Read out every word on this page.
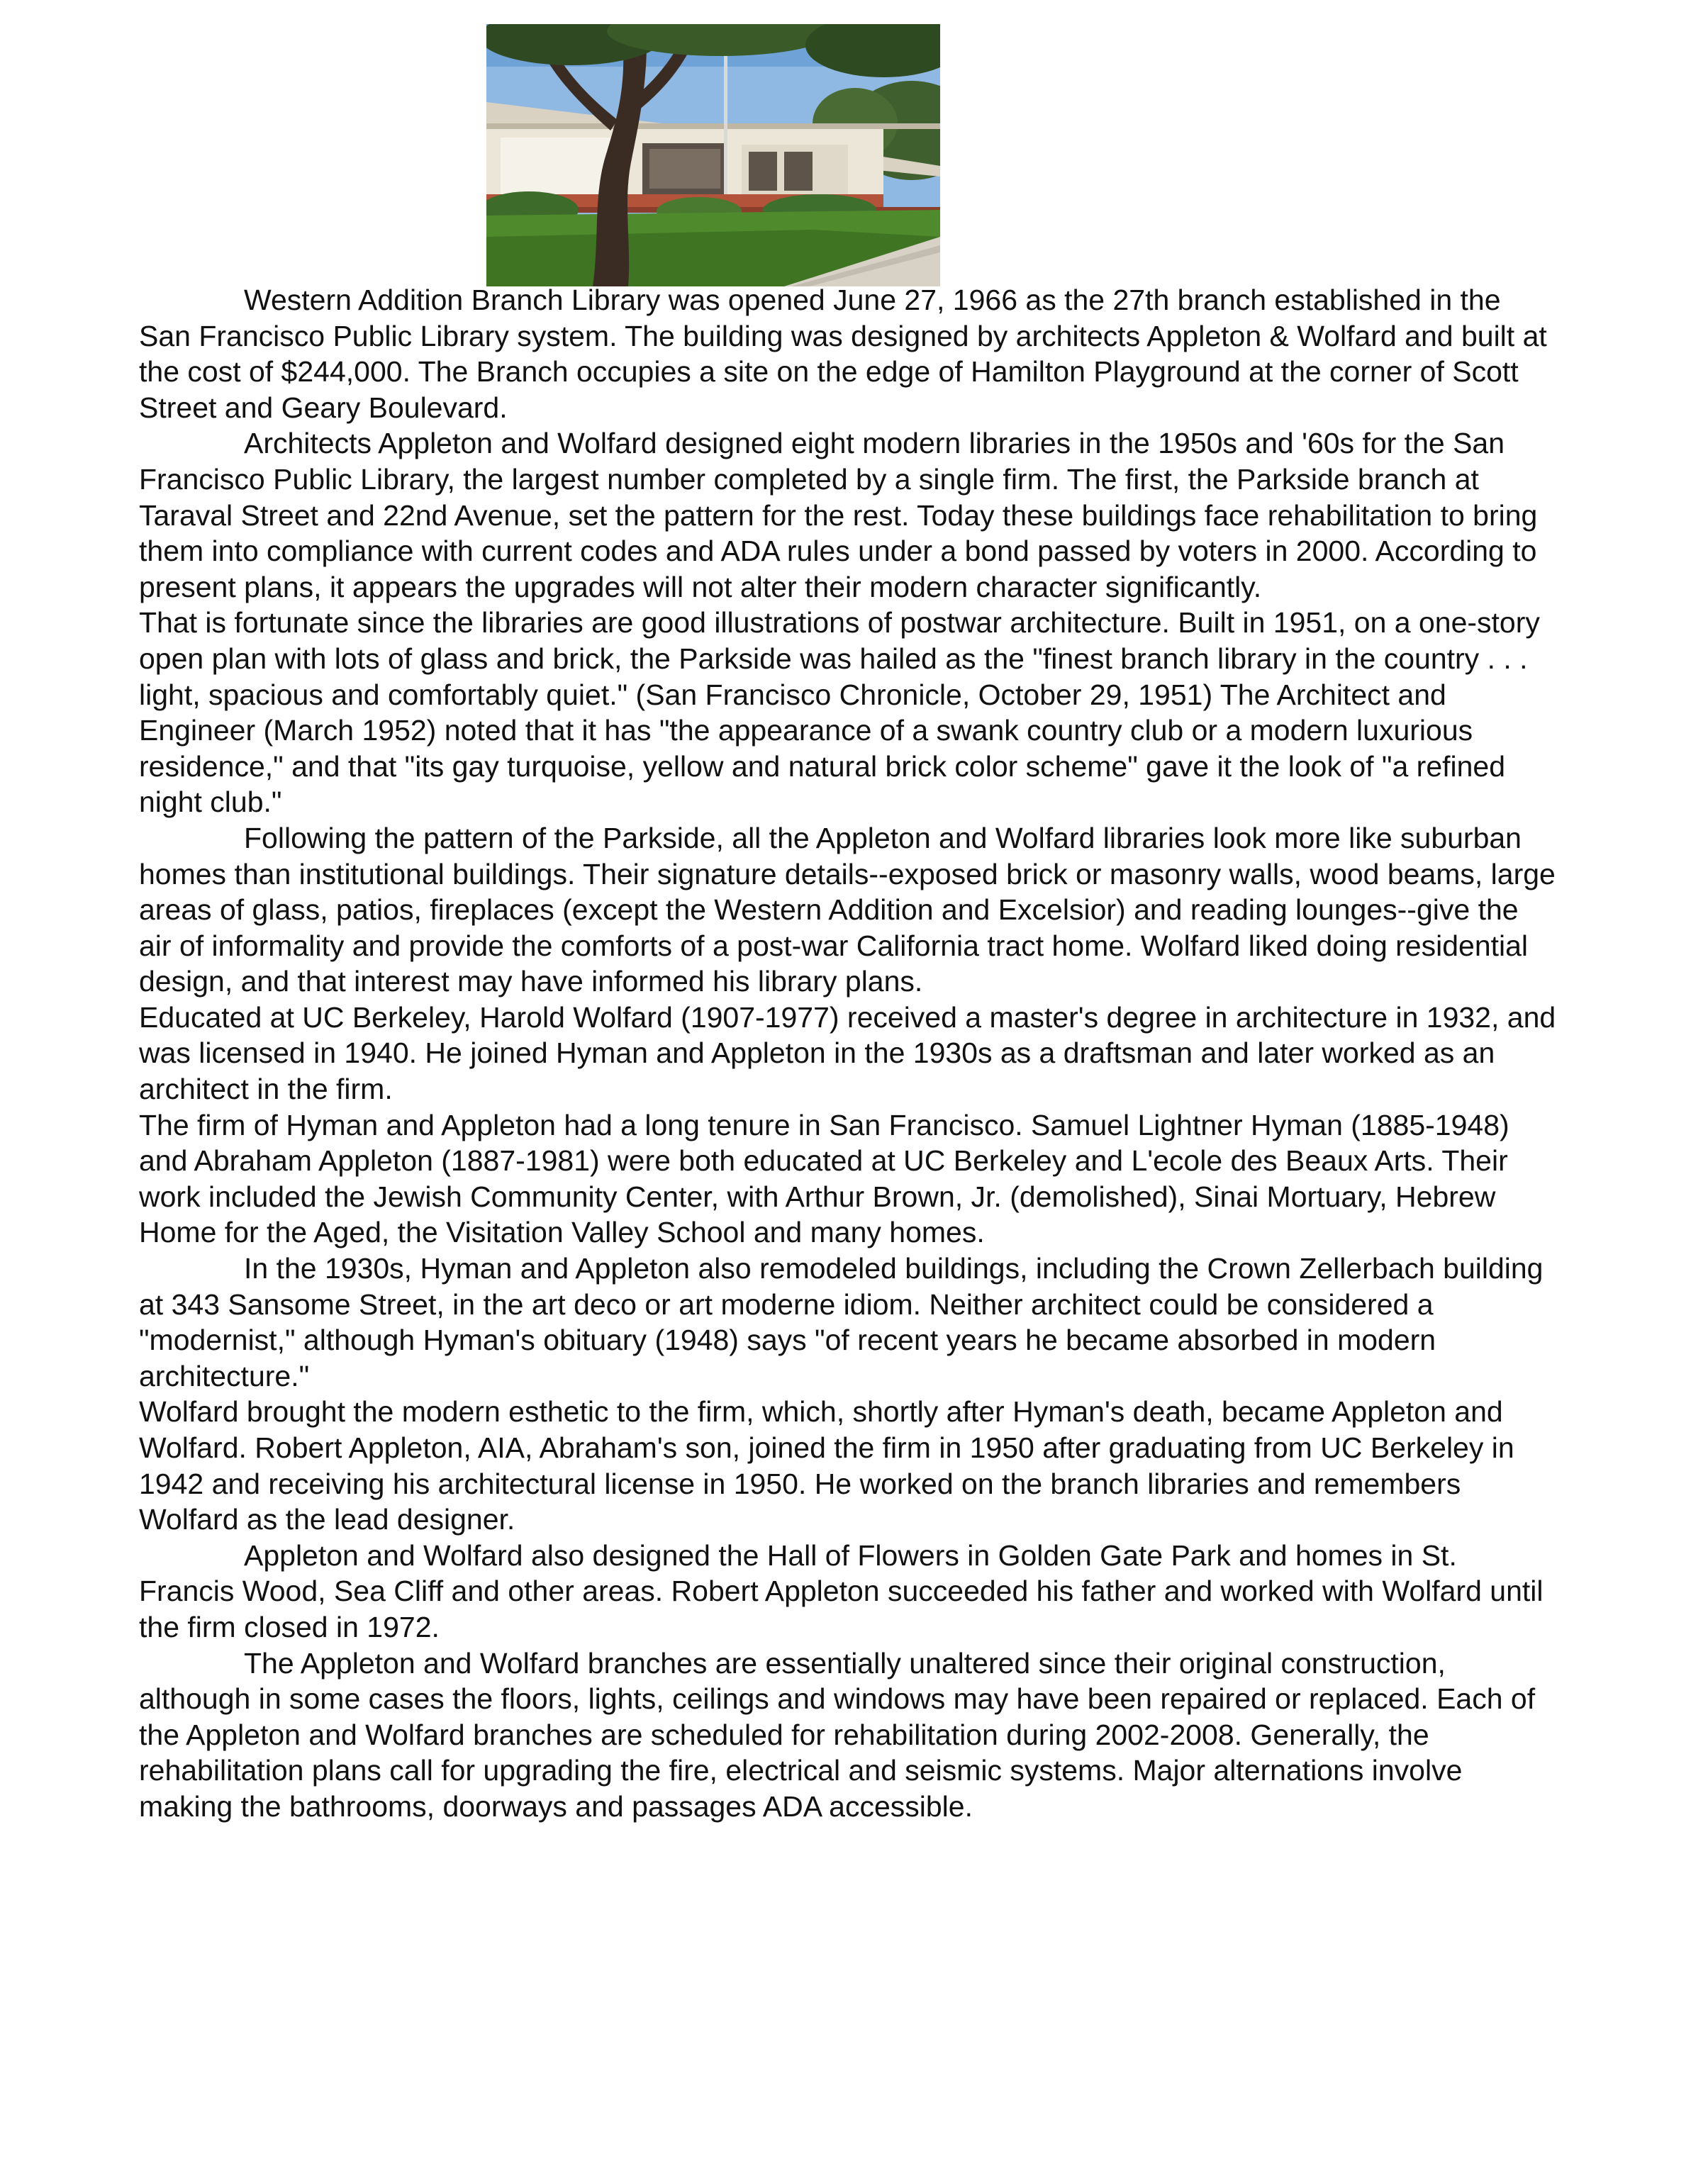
Western Addition Branch Library was opened June 27, 1966 as the 27th branch established in the San Francisco Public Library system. The building was designed by architects Appleton & Wolfard and built at the cost of $244,000. The Branch occupies a site on the edge of Hamilton Playground at the corner of Scott Street and Geary Boulevard.

Architects Appleton and Wolfard designed eight modern libraries in the 1950s and '60s for the San Francisco Public Library, the largest number completed by a single firm. The first, the Parkside branch at Taraval Street and 22nd Avenue, set the pattern for the rest. Today these buildings face rehabilitation to bring them into compliance with current codes and ADA rules under a bond passed by voters in 2000. According to present plans, it appears the upgrades will not alter their modern character significantly.

That is fortunate since the libraries are good illustrations of postwar architecture. Built in 1951, on a one-story open plan with lots of glass and brick, the Parkside was hailed as the "finest branch library in the country . . . light, spacious and comfortably quiet." (San Francisco Chronicle, October 29, 1951) The Architect and Engineer (March 1952) noted that it has "the appearance of a swank country club or a modern luxurious residence," and that "its gay turquoise, yellow and natural brick color scheme" gave it the look of "a refined night club."

Following the pattern of the Parkside, all the Appleton and Wolfard libraries look more like suburban homes than institutional buildings. Their signature details--exposed brick or masonry walls, wood beams, large areas of glass, patios, fireplaces (except the Western Addition and Excelsior) and reading lounges--give the air of informality and provide the comforts of a post-war California tract home. Wolfard liked doing residential design, and that interest may have informed his library plans.

Educated at UC Berkeley, Harold Wolfard (1907-1977) received a master's degree in architecture in 1932, and was licensed in 1940. He joined Hyman and Appleton in the 1930s as a draftsman and later worked as an architect in the firm.

The firm of Hyman and Appleton had a long tenure in San Francisco. Samuel Lightner Hyman (1885-1948) and Abraham Appleton (1887-1981) were both educated at UC Berkeley and L'ecole des Beaux Arts. Their work included the Jewish Community Center, with Arthur Brown, Jr. (demolished), Sinai Mortuary, Hebrew Home for the Aged, the Visitation Valley School and many homes.

In the 1930s, Hyman and Appleton also remodeled buildings, including the Crown Zellerbach building at 343 Sansome Street, in the art deco or art moderne idiom. Neither architect could be considered a "modernist," although Hyman's obituary (1948) says "of recent years he became absorbed in modern architecture."

Wolfard brought the modern esthetic to the firm, which, shortly after Hyman's death, became Appleton and Wolfard. Robert Appleton, AIA, Abraham's son, joined the firm in 1950 after graduating from UC Berkeley in 1942 and receiving his architectural license in 1950. He worked on the branch libraries and remembers Wolfard as the lead designer.

Appleton and Wolfard also designed the Hall of Flowers in Golden Gate Park and homes in St. Francis Wood, Sea Cliff and other areas. Robert Appleton succeeded his father and worked with Wolfard until the firm closed in 1972.

The Appleton and Wolfard branches are essentially unaltered since their original construction, although in some cases the floors, lights, ceilings and windows may have been repaired or replaced. Each of the Appleton and Wolfard branches are scheduled for rehabilitation during 2002-2008. Generally, the rehabilitation plans call for upgrading the fire, electrical and seismic systems. Major alternations involve making the bathrooms, doorways and passages ADA accessible.
